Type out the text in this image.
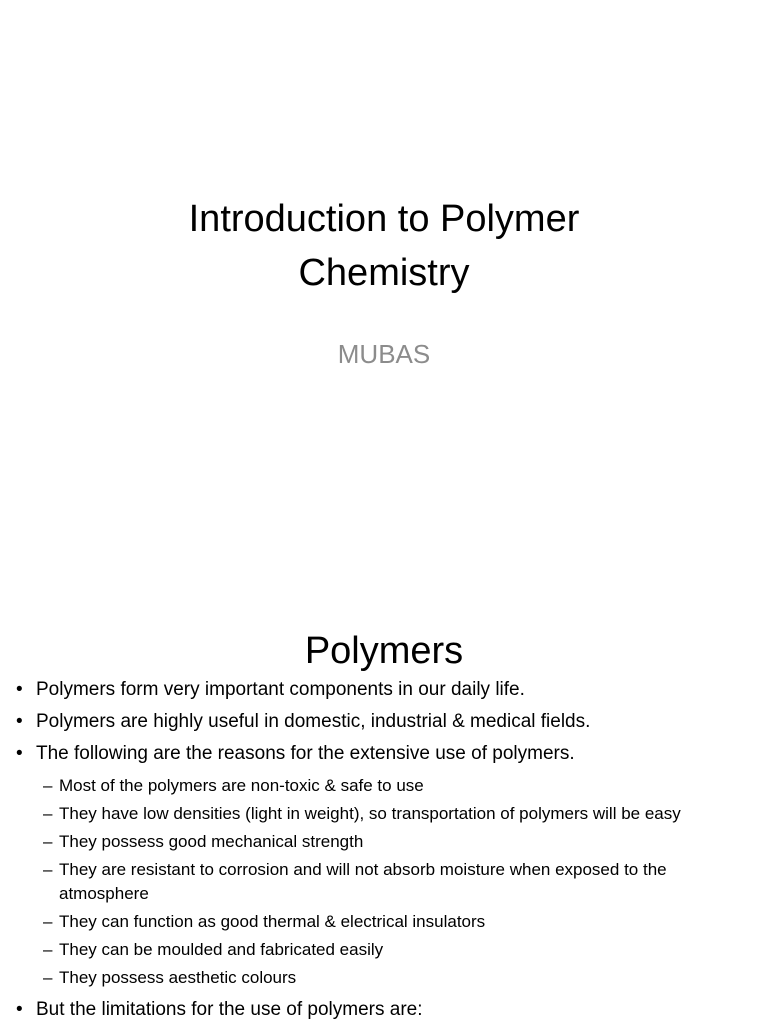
Introduction to Polymer
Chemistry
MUBAS
Polymers
• Polymers form very important components in our daily life.
• Polymers are highly useful in domestic, industrial & medical fields.
• The following are the reasons for the extensive use of polymers.
– Most of the polymers are non-toxic & safe to use
– They have low densities (light in weight), so transportation of polymers will be easy
– They possess good mechanical strength
– They are resistant to corrosion and will not absorb moisture when exposed to the atmosphere
– They can function as good thermal & electrical insulators
– They can be moulded and fabricated easily
– They possess aesthetic colours
• But the limitations for the use of polymers are:
